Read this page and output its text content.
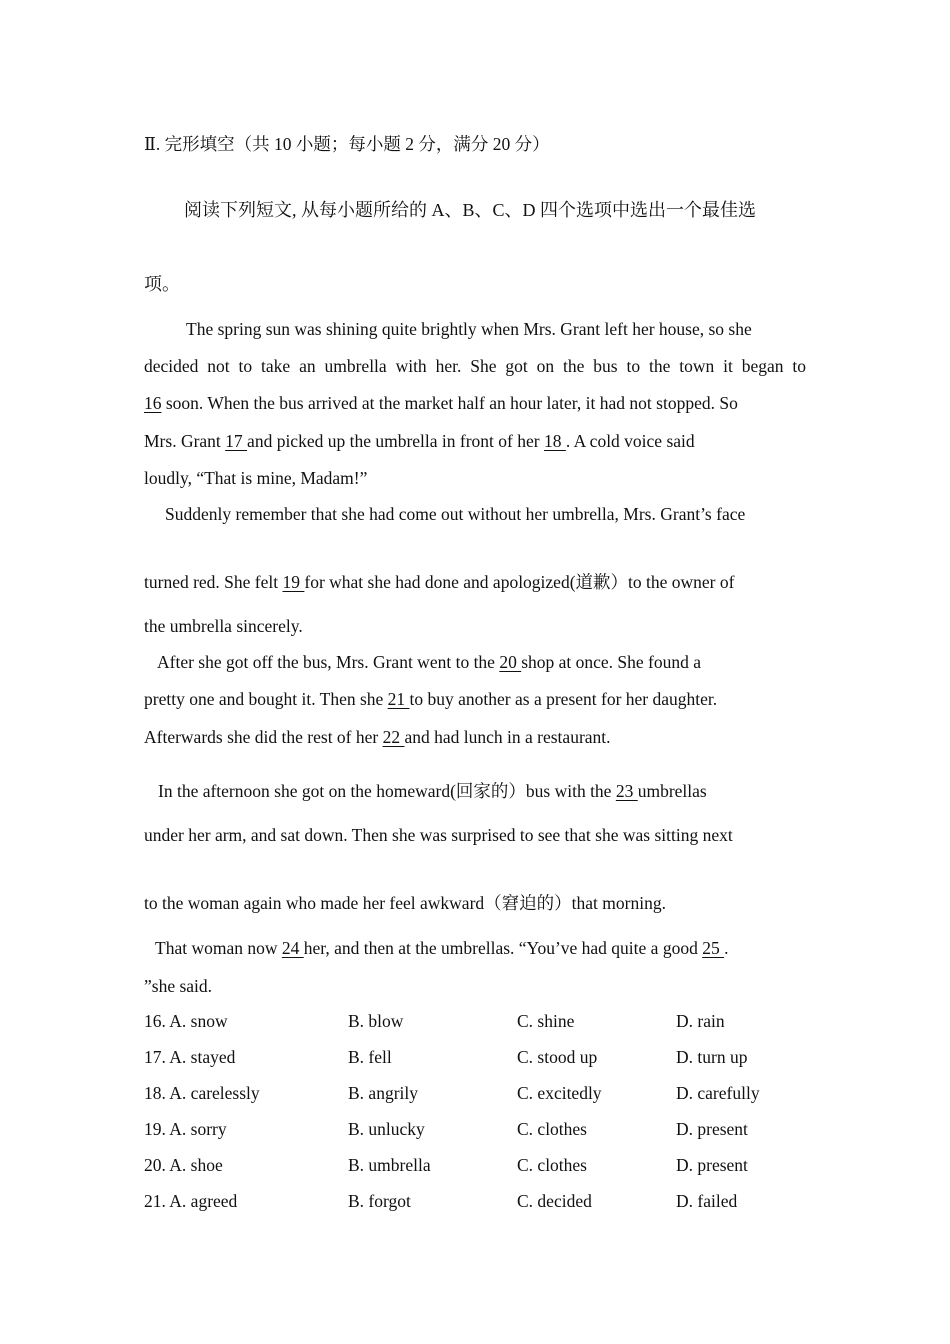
Ⅱ. 完形填空（共 10 小题；每小题 2 分，满分 20 分）
阅读下列短文, 从每小题所给的 A、B、C、D 四个选项中选出一个最佳选
项。
The spring sun was shining quite brightly when Mrs. Grant left her house, so she
decided not to take an umbrella with her. She got on the bus to the town it began to
16 soon. When the bus arrived at the market half an hour later, it had not stopped. So
Mrs. Grant 17 and picked up the umbrella in front of her 18 . A cold voice said
loudly, “That is mine, Madam!”
Suddenly remember that she had come out without her umbrella, Mrs. Grant’s face
turned red. She felt 19 for what she had done and apologized(道歉）to the owner of
the umbrella sincerely.
After she got off the bus, Mrs. Grant went to the 20 shop at once. She found a
pretty one and bought it. Then she 21 to buy another as a present for her daughter.
Afterwards she did the rest of her 22 and had lunch in a restaurant.
In the afternoon she got on the homeward(回家的）bus with the 23 umbrellas
under her arm, and sat down. Then she was surprised to see that she was sitting next
to the woman again who made her feel awkward（窘迫的）that morning.
That woman now 24 her, and then at the umbrellas. “You’ve had quite a good 25 .
”she said.
16. A. snow	B. blow	C. shine	D. rain
17. A. stayed	B. fell	C. stood up	D. turn up
18. A. carelessly	B. angrily	C. excitedly	D. carefully
19. A. sorry	B. unlucky	C. clothes	D. present
20. A. shoe	B. umbrella	C. clothes	D. present
21. A. agreed	B. forgot	C. decided	D. failed
